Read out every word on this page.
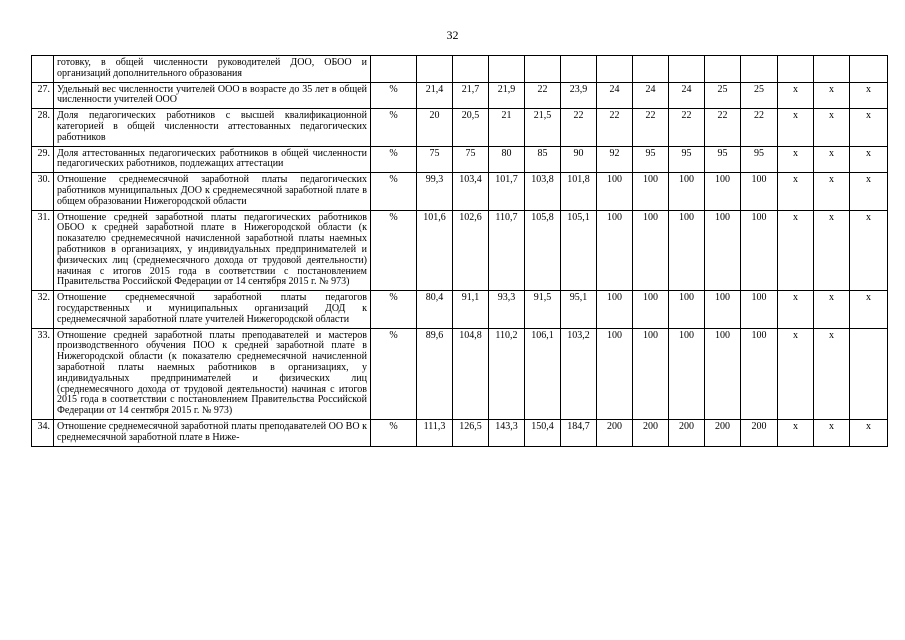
32
	готовку, в общей численности руководителей ДОО, ОБОО и организаций дополнительного образования														
27.	Удельный вес численности учителей ООО в возрасте до 35 лет в общей численности учителей ООО	%	21,4	21,7	21,9	22	23,9	24	24	24	25	25	x	x	x
28.	Доля педагогических работников с высшей квалификационной категорией в общей численности аттестованных педагогических работников	%	20	20,5	21	21,5	22	22	22	22	22	22	x	x	x
29.	Доля аттестованных педагогических работников в общей численности педагогических работников, подлежащих аттестации	%	75	75	80	85	90	92	95	95	95	95	x	x	x
30.	Отношение среднемесячной заработной платы педагогических работников муниципальных ДОО к среднемесячной заработной плате в общем образовании Нижегородской области	%	99,3	103,4	101,7	103,8	101,8	100	100	100	100	100	x	x	x
31.	Отношение средней заработной платы педагогических работников ОБОО к средней заработной плате в Нижегородской области (к показателю среднемесячной начисленной заработной платы наемных работников в организациях, у индивидуальных предпринимателей и физических лиц (среднемесячного дохода от трудовой деятельности) начиная с итогов 2015 года в соответствии с постановлением Правительства Российской Федерации от 14 сентября 2015 г. № 973)	%	101,6	102,6	110,7	105,8	105,1	100	100	100	100	100	x	x	x
32.	Отношение среднемесячной заработной платы педагогов государственных и муниципальных организаций ДОД к среднемесячной заработной плате учителей Нижегородской области	%	80,4	91,1	93,3	91,5	95,1	100	100	100	100	100	x	x	x
33.	Отношение средней заработной платы преподавателей и мастеров производственного обучения ПОО к средней заработной плате в Нижегородской области (к показателю среднемесячной начисленной заработной платы наемных работников в организациях, у индивидуальных предпринимателей и физических лиц (среднемесячного дохода от трудовой деятельности) начиная с итогов 2015 года в соответствии с постановлением Правительства Российской Федерации от 14 сентября 2015 г. № 973)	%	89,6	104,8	110,2	106,1	103,2	100	100	100	100	100	x	x	
34.	Отношение среднемесячной заработной платы преподавателей ОО ВО к среднемесячной заработной плате в Ниже-	%	111,3	126,5	143,3	150,4	184,7	200	200	200	200	200	x	x	x
